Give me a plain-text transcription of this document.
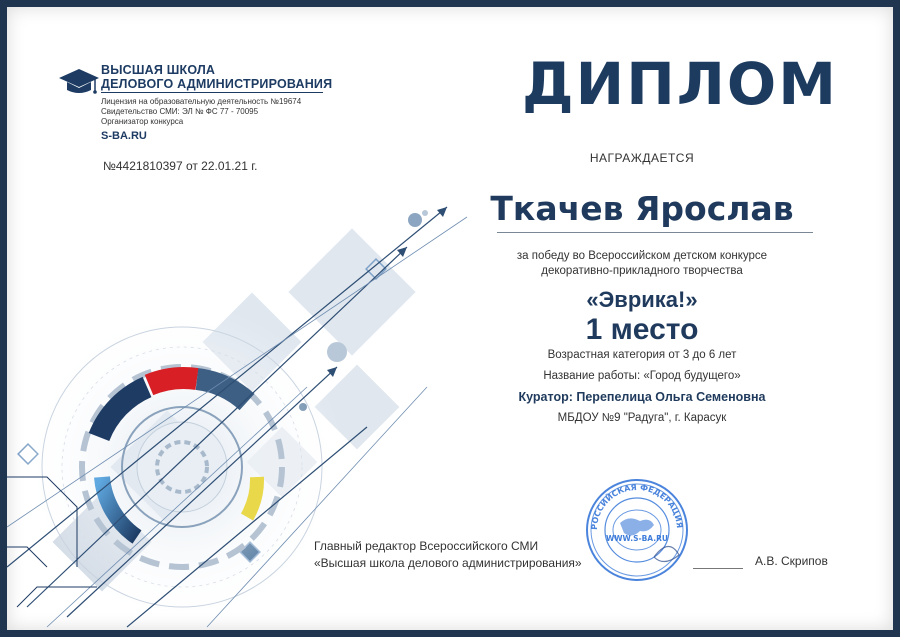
ВЫСШАЯ ШКОЛА
ДЕЛОВОГО АДМИНИСТРИРОВАНИЯ
Лицензия на образовательную деятельность №19674
Свидетельство СМИ: ЭЛ № ФС 77 - 70095
Организатор конкурса
S-BA.RU
№4421810397 от 22.01.21 г.
ДИПЛОМ
НАГРАЖДАЕТСЯ
Ткачев Ярослав
за победу во Всероссийском детском конкурсе
декоративно-прикладного творчества
«Эврика!»
1 место
Возрастная категория от 3 до 6 лет
Название работы: «Город будущего»
Куратор: Перепелица Ольга Семеновна
МБДОУ №9 "Радуга", г. Карасук
Главный редактор Всероссийского СМИ
«Высшая школа делового администрирования»	А.В. Скрипов
РОССИЙСКАЯ ФЕДЕРАЦИЯ
WWW.S-BA.RU
